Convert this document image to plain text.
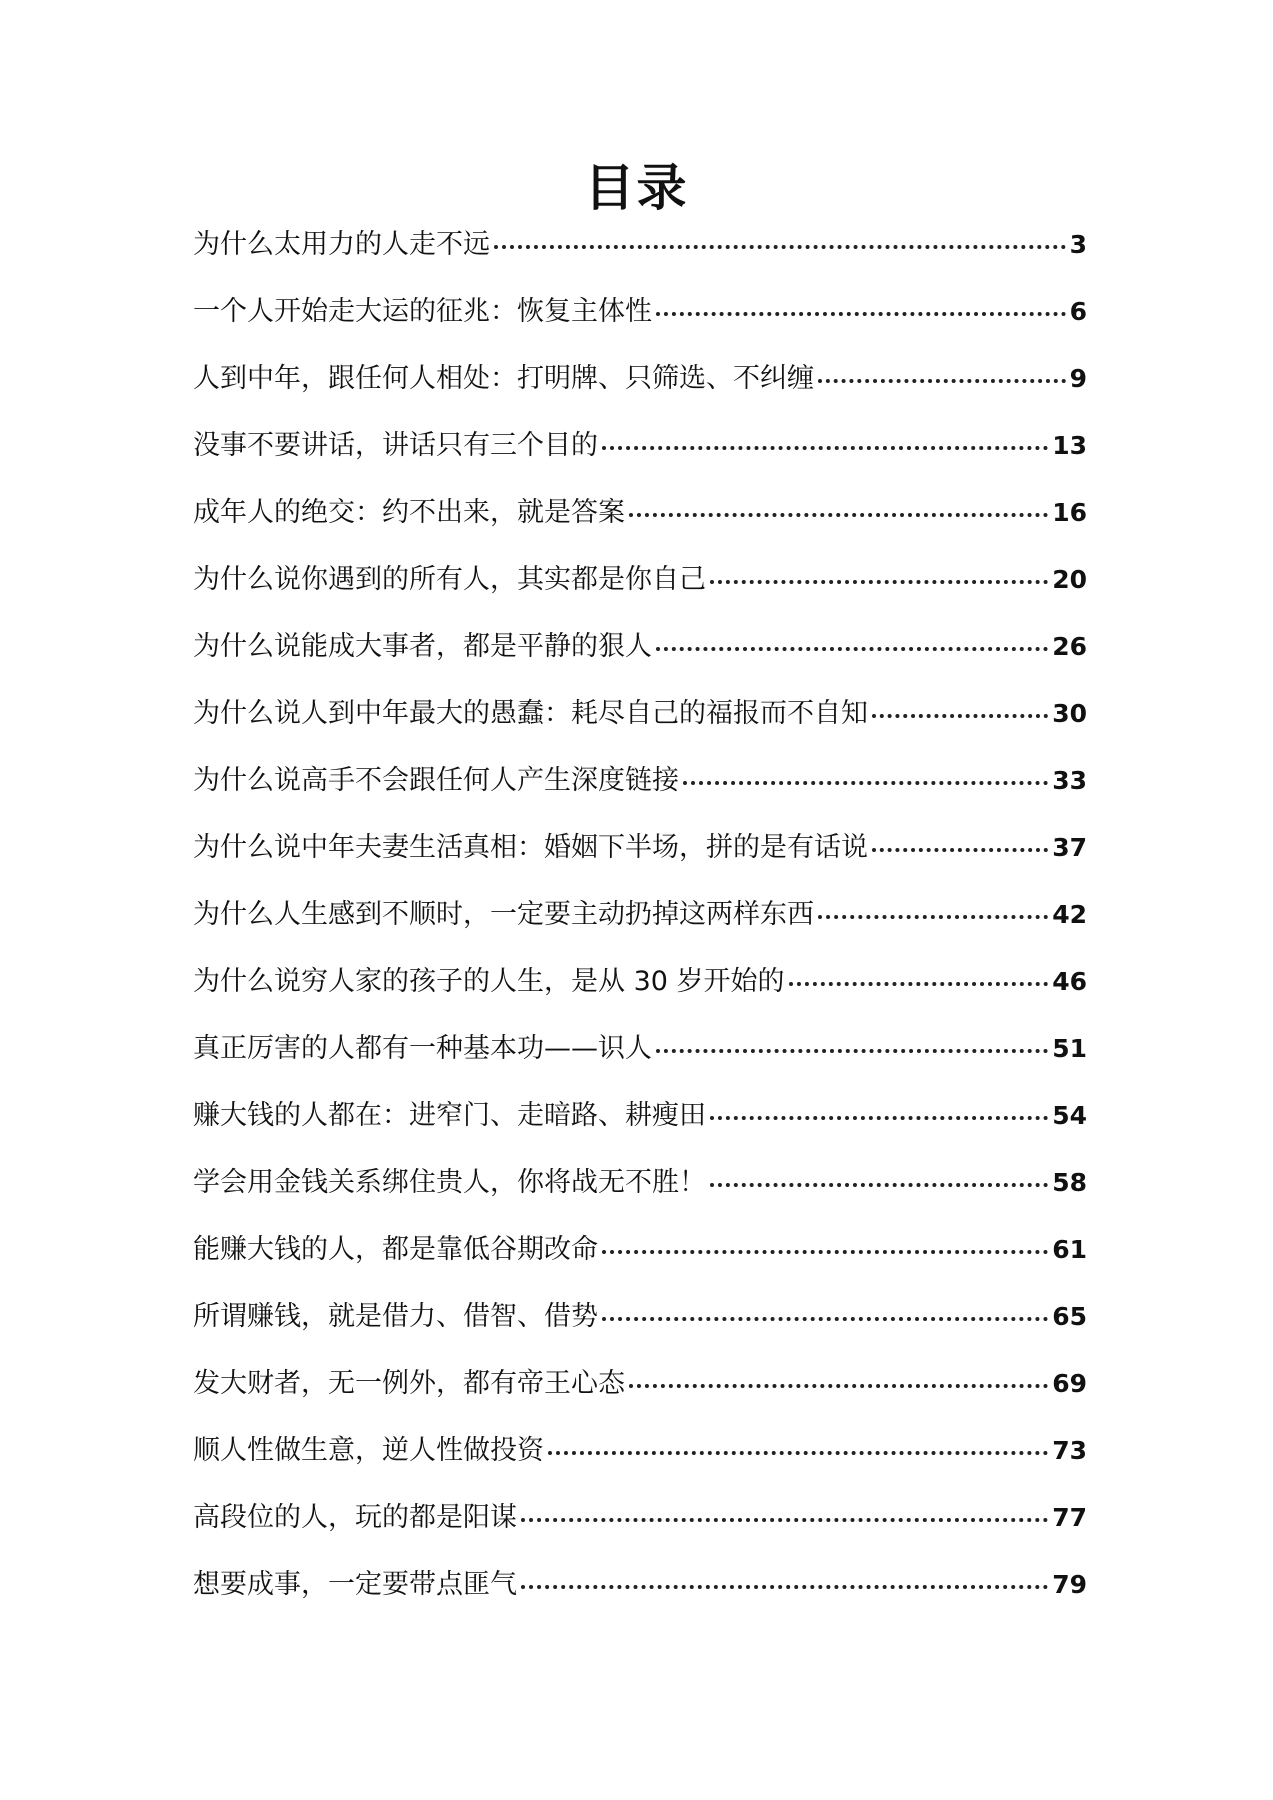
目录
为什么太用力的人走不远	3
一个人开始走大运的征兆：恢复主体性	6
人到中年，跟任何人相处：打明牌、只筛选、不纠缠	9
没事不要讲话，讲话只有三个目的	13
成年人的绝交：约不出来，就是答案	16
为什么说你遇到的所有人，其实都是你自己	20
为什么说能成大事者，都是平静的狠人	26
为什么说人到中年最大的愚蠢：耗尽自己的福报而不自知	30
为什么说高手不会跟任何人产生深度链接	33
为什么说中年夫妻生活真相：婚姻下半场，拼的是有话说	37
为什么人生感到不顺时，一定要主动扔掉这两样东西	42
为什么说穷人家的孩子的人生，是从 30 岁开始的	46
真正厉害的人都有一种基本功——识人	51
赚大钱的人都在：进窄门、走暗路、耕瘦田	54
学会用金钱关系绑住贵人，你将战无不胜！	58
能赚大钱的人，都是靠低谷期改命	61
所谓赚钱，就是借力、借智、借势	65
发大财者，无一例外，都有帝王心态	69
顺人性做生意，逆人性做投资	73
高段位的人，玩的都是阳谋	77
想要成事，一定要带点匪气	79
